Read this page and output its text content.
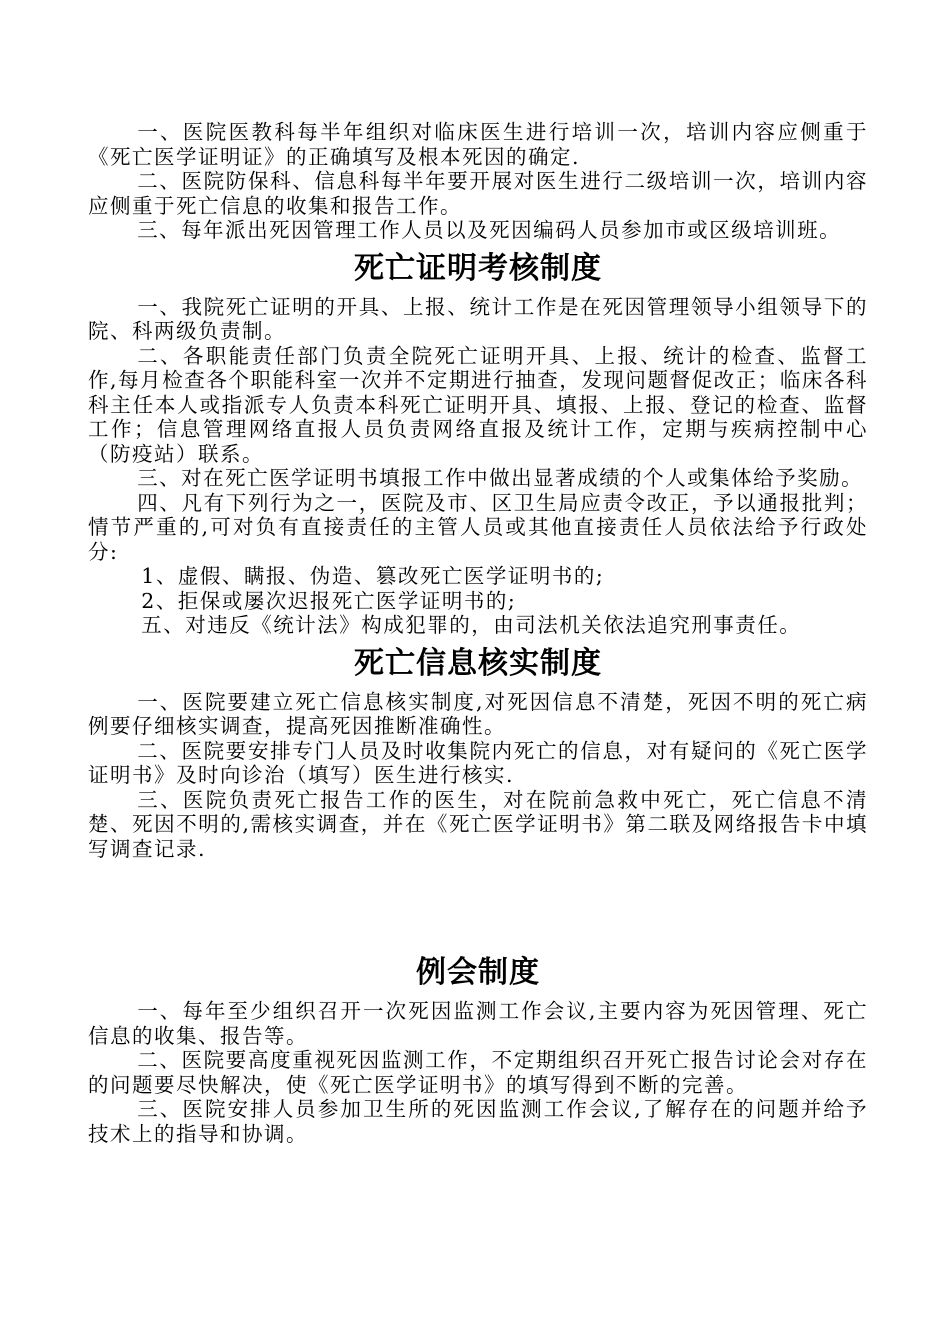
一、医院医教科每半年组织对临床医生进行培训一次，培训内容应侧重于《死亡医学证明证》的正确填写及根本死因的确定.

二、医院防保科、信息科每半年要开展对医生进行二级培训一次，培训内容应侧重于死亡信息的收集和报告工作。

三、每年派出死因管理工作人员以及死因编码人员参加市或区级培训班。

死亡证明考核制度

一、我院死亡证明的开具、上报、统计工作是在死因管理领导小组领导下的院、科两级负责制。

二、各职能责任部门负责全院死亡证明开具、上报、统计的检查、监督工作,每月检查各个职能科室一次并不定期进行抽查，发现问题督促改正；临床各科科主任本人或指派专人负责本科死亡证明开具、填报、上报、登记的检查、监督工作；信息管理网络直报人员负责网络直报及统计工作，定期与疾病控制中心（防疫站）联系。

三、对在死亡医学证明书填报工作中做出显著成绩的个人或集体给予奖励。

四、凡有下列行为之一，医院及市、区卫生局应责令改正，予以通报批判；情节严重的,可对负有直接责任的主管人员或其他直接责任人员依法给予行政处分:

1、虚假、瞒报、伪造、篡改死亡医学证明书的;

2、拒保或屡次迟报死亡医学证明书的;

五、对违反《统计法》构成犯罪的，由司法机关依法追究刑事责任。

死亡信息核实制度

一、医院要建立死亡信息核实制度,对死因信息不清楚，死因不明的死亡病例要仔细核实调查，提高死因推断准确性。

二、医院要安排专门人员及时收集院内死亡的信息，对有疑问的《死亡医学证明书》及时向诊治（填写）医生进行核实.

三、医院负责死亡报告工作的医生，对在院前急救中死亡，死亡信息不清楚、死因不明的,需核实调查，并在《死亡医学证明书》第二联及网络报告卡中填写调查记录.

例会制度

一、每年至少组织召开一次死因监测工作会议,主要内容为死因管理、死亡信息的收集、报告等。

二、医院要高度重视死因监测工作，不定期组织召开死亡报告讨论会对存在的问题要尽快解决，使《死亡医学证明书》的填写得到不断的完善。

三、医院安排人员参加卫生所的死因监测工作会议,了解存在的问题并给予技术上的指导和协调。
